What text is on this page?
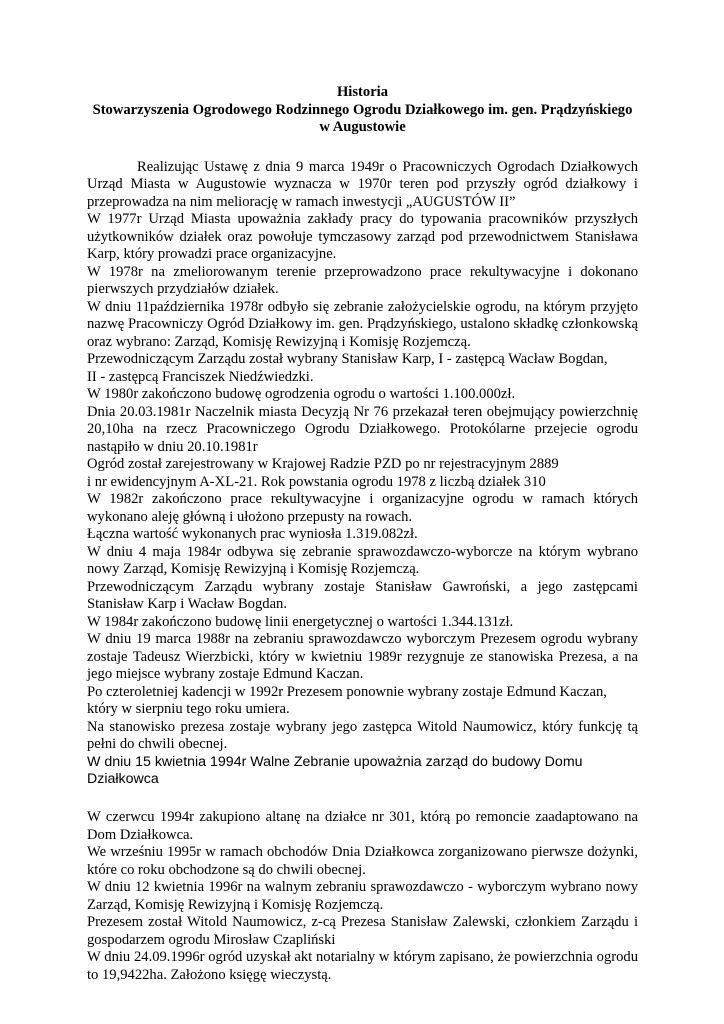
Historia
Stowarzyszenia Ogrodowego Rodzinnego Ogrodu Działkowego im. gen. Prądzyńskiego
w Augustowie
Realizując Ustawę z dnia 9 marca 1949r o Pracowniczych Ogrodach Działkowych Urząd Miasta w Augustowie wyznacza w 1970r teren pod przyszły ogród działkowy i przeprowadza na nim meliorację w ramach inwestycji „AUGUSTÓW II”
W 1977r Urząd Miasta upoważnia zakłady pracy do typowania pracowników przyszłych użytkowników działek oraz powołuje tymczasowy zarząd pod przewodnictwem Stanisława Karp, który prowadzi prace organizacyjne.
W 1978r na zmeliorowanym terenie przeprowadzono prace rekultywacyjne i dokonano pierwszych przydziałów działek.
W dniu 11października 1978r odbyło się zebranie założycielskie ogrodu, na którym przyjęto nazwę Pracowniczy Ogród Działkowy im. gen. Prądzyńskiego, ustalono składkę członkowską oraz wybrano: Zarząd, Komisję Rewizyjną i Komisję Rozjemczą.
Przewodniczącym Zarządu został wybrany Stanisław Karp, I - zastępcą Wacław Bogdan,
II - zastępcą Franciszek Niedźwiedzki.
W 1980r zakończono budowę ogrodzenia ogrodu o wartości 1.100.000zł.
Dnia 20.03.1981r Naczelnik miasta Decyzją Nr 76 przekazał teren obejmujący powierzchnię 20,10ha na rzecz Pracowniczego Ogrodu Działkowego. Protokólarne przejecie ogrodu nastąpiło w dniu 20.10.1981r
Ogród został zarejestrowany w Krajowej Radzie PZD po nr rejestracyjnym 2889
i nr ewidencyjnym A-XL-21. Rok powstania ogrodu 1978 z liczbą działek 310
W 1982r zakończono prace rekultywacyjne i organizacyjne ogrodu w ramach których wykonano aleję główną i ułożono przepusty na rowach.
Łączna wartość wykonanych prac wyniosła 1.319.082zł.
W dniu 4 maja 1984r odbywa się zebranie sprawozdawczo-wyborcze na którym wybrano nowy Zarząd, Komisję Rewizyjną i Komisję Rozjemczą.
Przewodniczącym Zarządu wybrany zostaje Stanisław Gawroński, a jego zastępcami Stanisław Karp i Wacław Bogdan.
W 1984r zakończono budowę linii energetycznej o wartości 1.344.131zł.
W dniu 19 marca 1988r na zebraniu sprawozdawczo wyborczym Prezesem ogrodu wybrany zostaje Tadeusz Wierzbicki, który w kwietniu 1989r rezygnuje ze stanowiska Prezesa, a na jego miejsce wybrany zostaje Edmund Kaczan.
Po czteroletniej kadencji w 1992r Prezesem ponownie wybrany zostaje Edmund Kaczan,
który w sierpniu tego roku umiera.
Na stanowisko prezesa zostaje wybrany jego zastępca Witold Naumowicz, który funkcję tą pełni do chwili obecnej.
W dniu 15 kwietnia 1994r Walne Zebranie upoważnia zarząd do budowy Domu Działkowca
W czerwcu 1994r zakupiono altanę na działce nr 301, którą po remoncie zaadaptowano na Dom Działkowca.
We wrześniu 1995r w ramach obchodów Dnia Działkowca zorganizowano pierwsze dożynki, które co roku obchodzone są do chwili obecnej.
W dniu 12 kwietnia 1996r na walnym zebraniu sprawozdawczo - wyborczym wybrano nowy Zarząd, Komisję Rewizyjną i Komisję Rozjemczą.
Prezesem został Witold Naumowicz, z-cą Prezesa Stanisław Zalewski, członkiem Zarządu i gospodarzem ogrodu Mirosław Czapliński
W dniu 24.09.1996r ogród uzyskał akt notarialny w którym zapisano, że powierzchnia ogrodu to 19,9422ha. Założono księgę wieczystą.
